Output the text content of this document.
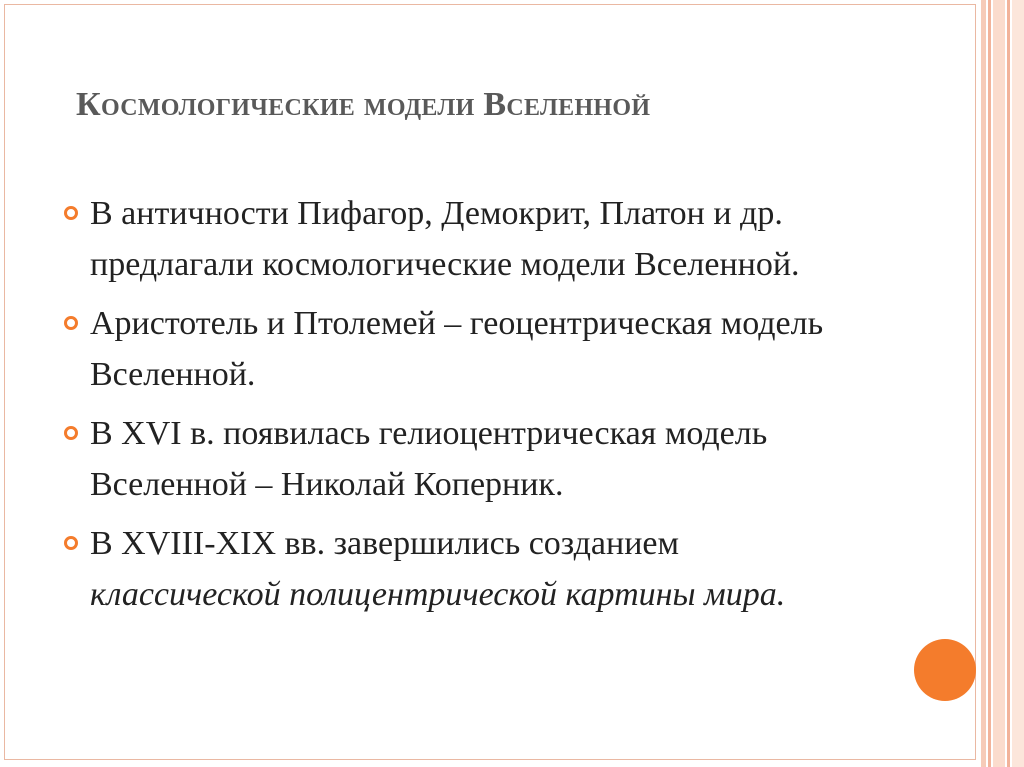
Космологические модели Вселенной
В античности Пифагор, Демокрит, Платон и др. предлагали космологические модели Вселенной.
Аристотель и Птолемей – геоцентрическая модель Вселенной.
В XVI в. появилась гелиоцентрическая модель Вселенной – Николай Коперник.
В XVIII-XIX вв. завершились созданием классической полицентрической картины мира.
